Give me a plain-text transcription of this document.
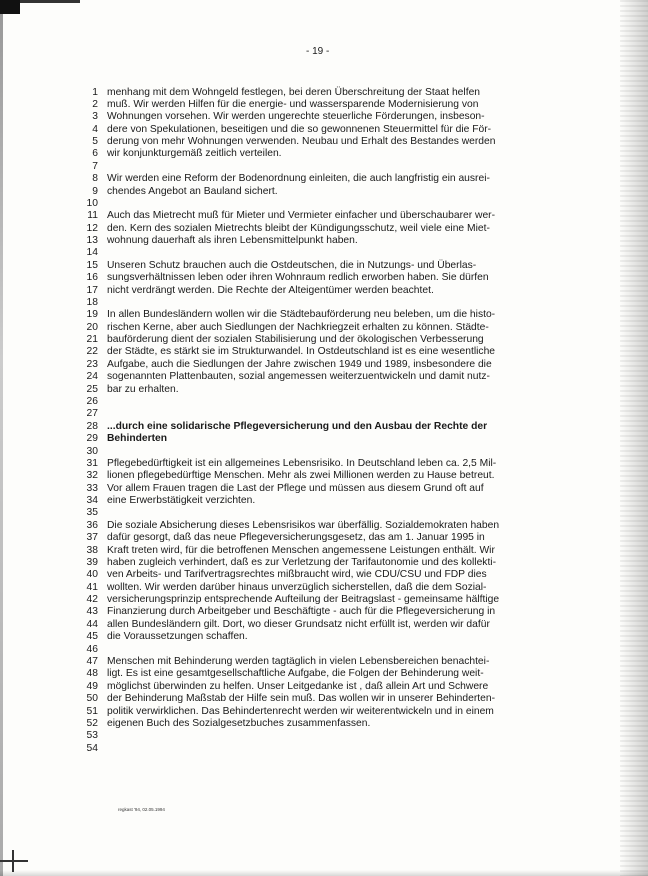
- 19 -
1 menhang mit dem Wohngeld festlegen, bei deren Überschreitung der Staat helfen
2 muß. Wir werden Hilfen für die energie- und wassersparende Modernisierung von
3 Wohnungen vorsehen. Wir werden ungerechte steuerliche Förderungen, insbeson-
4 dere von Spekulationen, beseitigen und die so gewonnenen Steuermittel für die För-
5 derung von mehr Wohnungen verwenden. Neubau und Erhalt des Bestandes werden
6 wir konjunkturgemäß zeitlich verteilen.
7
8 Wir werden eine Reform der Bodenordnung einleiten, die auch langfristig ein ausrei-
9 chendes Angebot an Bauland sichert.
10
11 Auch das Mietrecht muß für Mieter und Vermieter einfacher und überschaubarer wer-
12 den. Kern des sozialen Mietrechts bleibt der Kündigungsschutz, weil viele eine Miet-
13 wohnung dauerhaft als ihren Lebensmittelpunkt haben.
14
15 Unseren Schutz brauchen auch die Ostdeutschen, die in Nutzungs- und Überlas-
16 sungsverhältnissen leben oder ihren Wohnraum redlich erworben haben. Sie dürfen
17 nicht verdrängt werden. Die Rechte der Alteigentümer werden beachtet.
18
19 In allen Bundesländern wollen wir die Städtebauförderung neu beleben, um die histo-
20 rischen Kerne, aber auch Siedlungen der Nachkriegzeit erhalten zu können. Städte-
21 bauförderung dient der sozialen Stabilisierung und der ökologischen Verbesserung
22 der Städte, es stärkt sie im Strukturwandel. In Ostdeutschland ist es eine wesentliche
23 Aufgabe, auch die Siedlungen der Jahre zwischen 1949 und 1989, insbesondere die
24 sogenannten Plattenbauten, sozial angemessen weiterzuentwickeln und damit nutz-
25 bar zu erhalten.
26
27
28 ...durch eine solidarische Pflegeversicherung und den Ausbau der Rechte der
29 Behinderten
30
31 Pflegebedürftigkeit ist ein allgemeines Lebensrisiko. In Deutschland leben ca. 2,5 Mil-
32 lionen pflegebedürftige Menschen. Mehr als zwei Millionen werden zu Hause betreut.
33 Vor allem Frauen tragen die Last der Pflege und müssen aus diesem Grund oft auf
34 eine Erwerbstätigkeit verzichten.
35
36 Die soziale Absicherung dieses Lebensrisikos war überfällig. Sozialdemokraten haben
37 dafür gesorgt, daß das neue Pflegeversicherungsgesetz, das am 1. Januar 1995 in
38 Kraft treten wird, für die betroffenen Menschen angemessene Leistungen enthält. Wir
39 haben zugleich verhindert, daß es zur Verletzung der Tarifautonomie und des kollekti-
40 ven Arbeits- und Tarifvertragsrechtes mißbraucht wird, wie CDU/CSU und FDP dies
41 wollten. Wir werden darüber hinaus unverzüglich sicherstellen, daß die dem Sozial-
42 versicherungsprinzip entsprechende Aufteilung der Beitragslast - gemeinsame hälftige
43 Finanzierung durch Arbeitgeber und Beschäftigte - auch für die Pflegeversicherung in
44 allen Bundesländern gilt. Dort, wo dieser Grundsatz nicht erfüllt ist, werden wir dafür
45 die Voraussetzungen schaffen.
46
47 Menschen mit Behinderung werden tagtäglich in vielen Lebensbereichen benachtei-
48 ligt. Es ist eine gesamtgesellschaftliche Aufgabe, die Folgen der Behinderung weit-
49 möglichst überwinden zu helfen. Unser Leitgedanke ist , daß allein Art und Schwere
50 der Behinderung Maßstab der Hilfe sein muß. Das wollen wir in unserer Behinderten-
51 politik verwirklichen. Das Behindertenrecht werden wir weiterentwickeln und in einem
52 eigenen Buch des Sozialgesetzbuches zusammenfassen.
53
54
regkast '94, 02.05.1994
